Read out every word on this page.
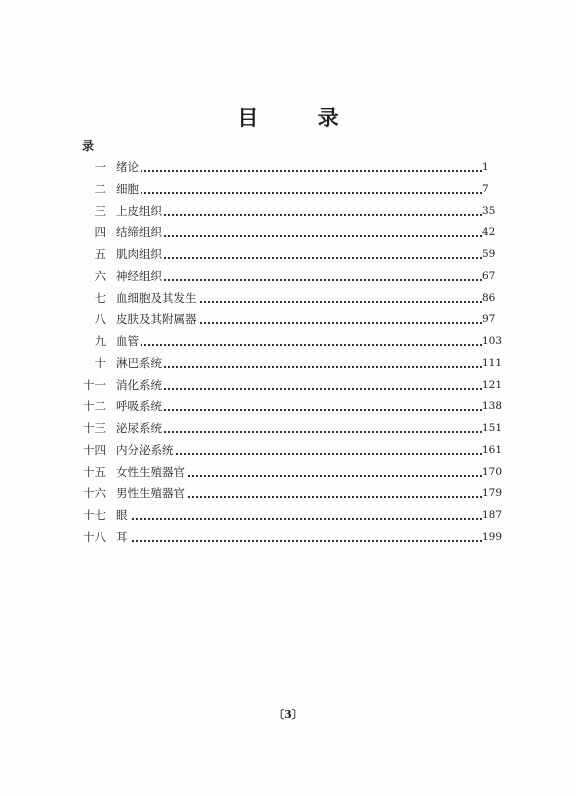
目 录
录
一 绪论	1
二 细胞	7
三 上皮组织	35
四 结缔组织	42
五 肌肉组织	59
六 神经组织	67
七 血细胞及其发生	86
八 皮肤及其附属器	97
九 血管	103
十 淋巴系统	111
十一 消化系统	121
十二 呼吸系统	138
十三 泌尿系统	151
十四 内分泌系统	161
十五 女性生殖器官	170
十六 男性生殖器官	179
十七 眼	187
十八 耳	199
〔3〕
